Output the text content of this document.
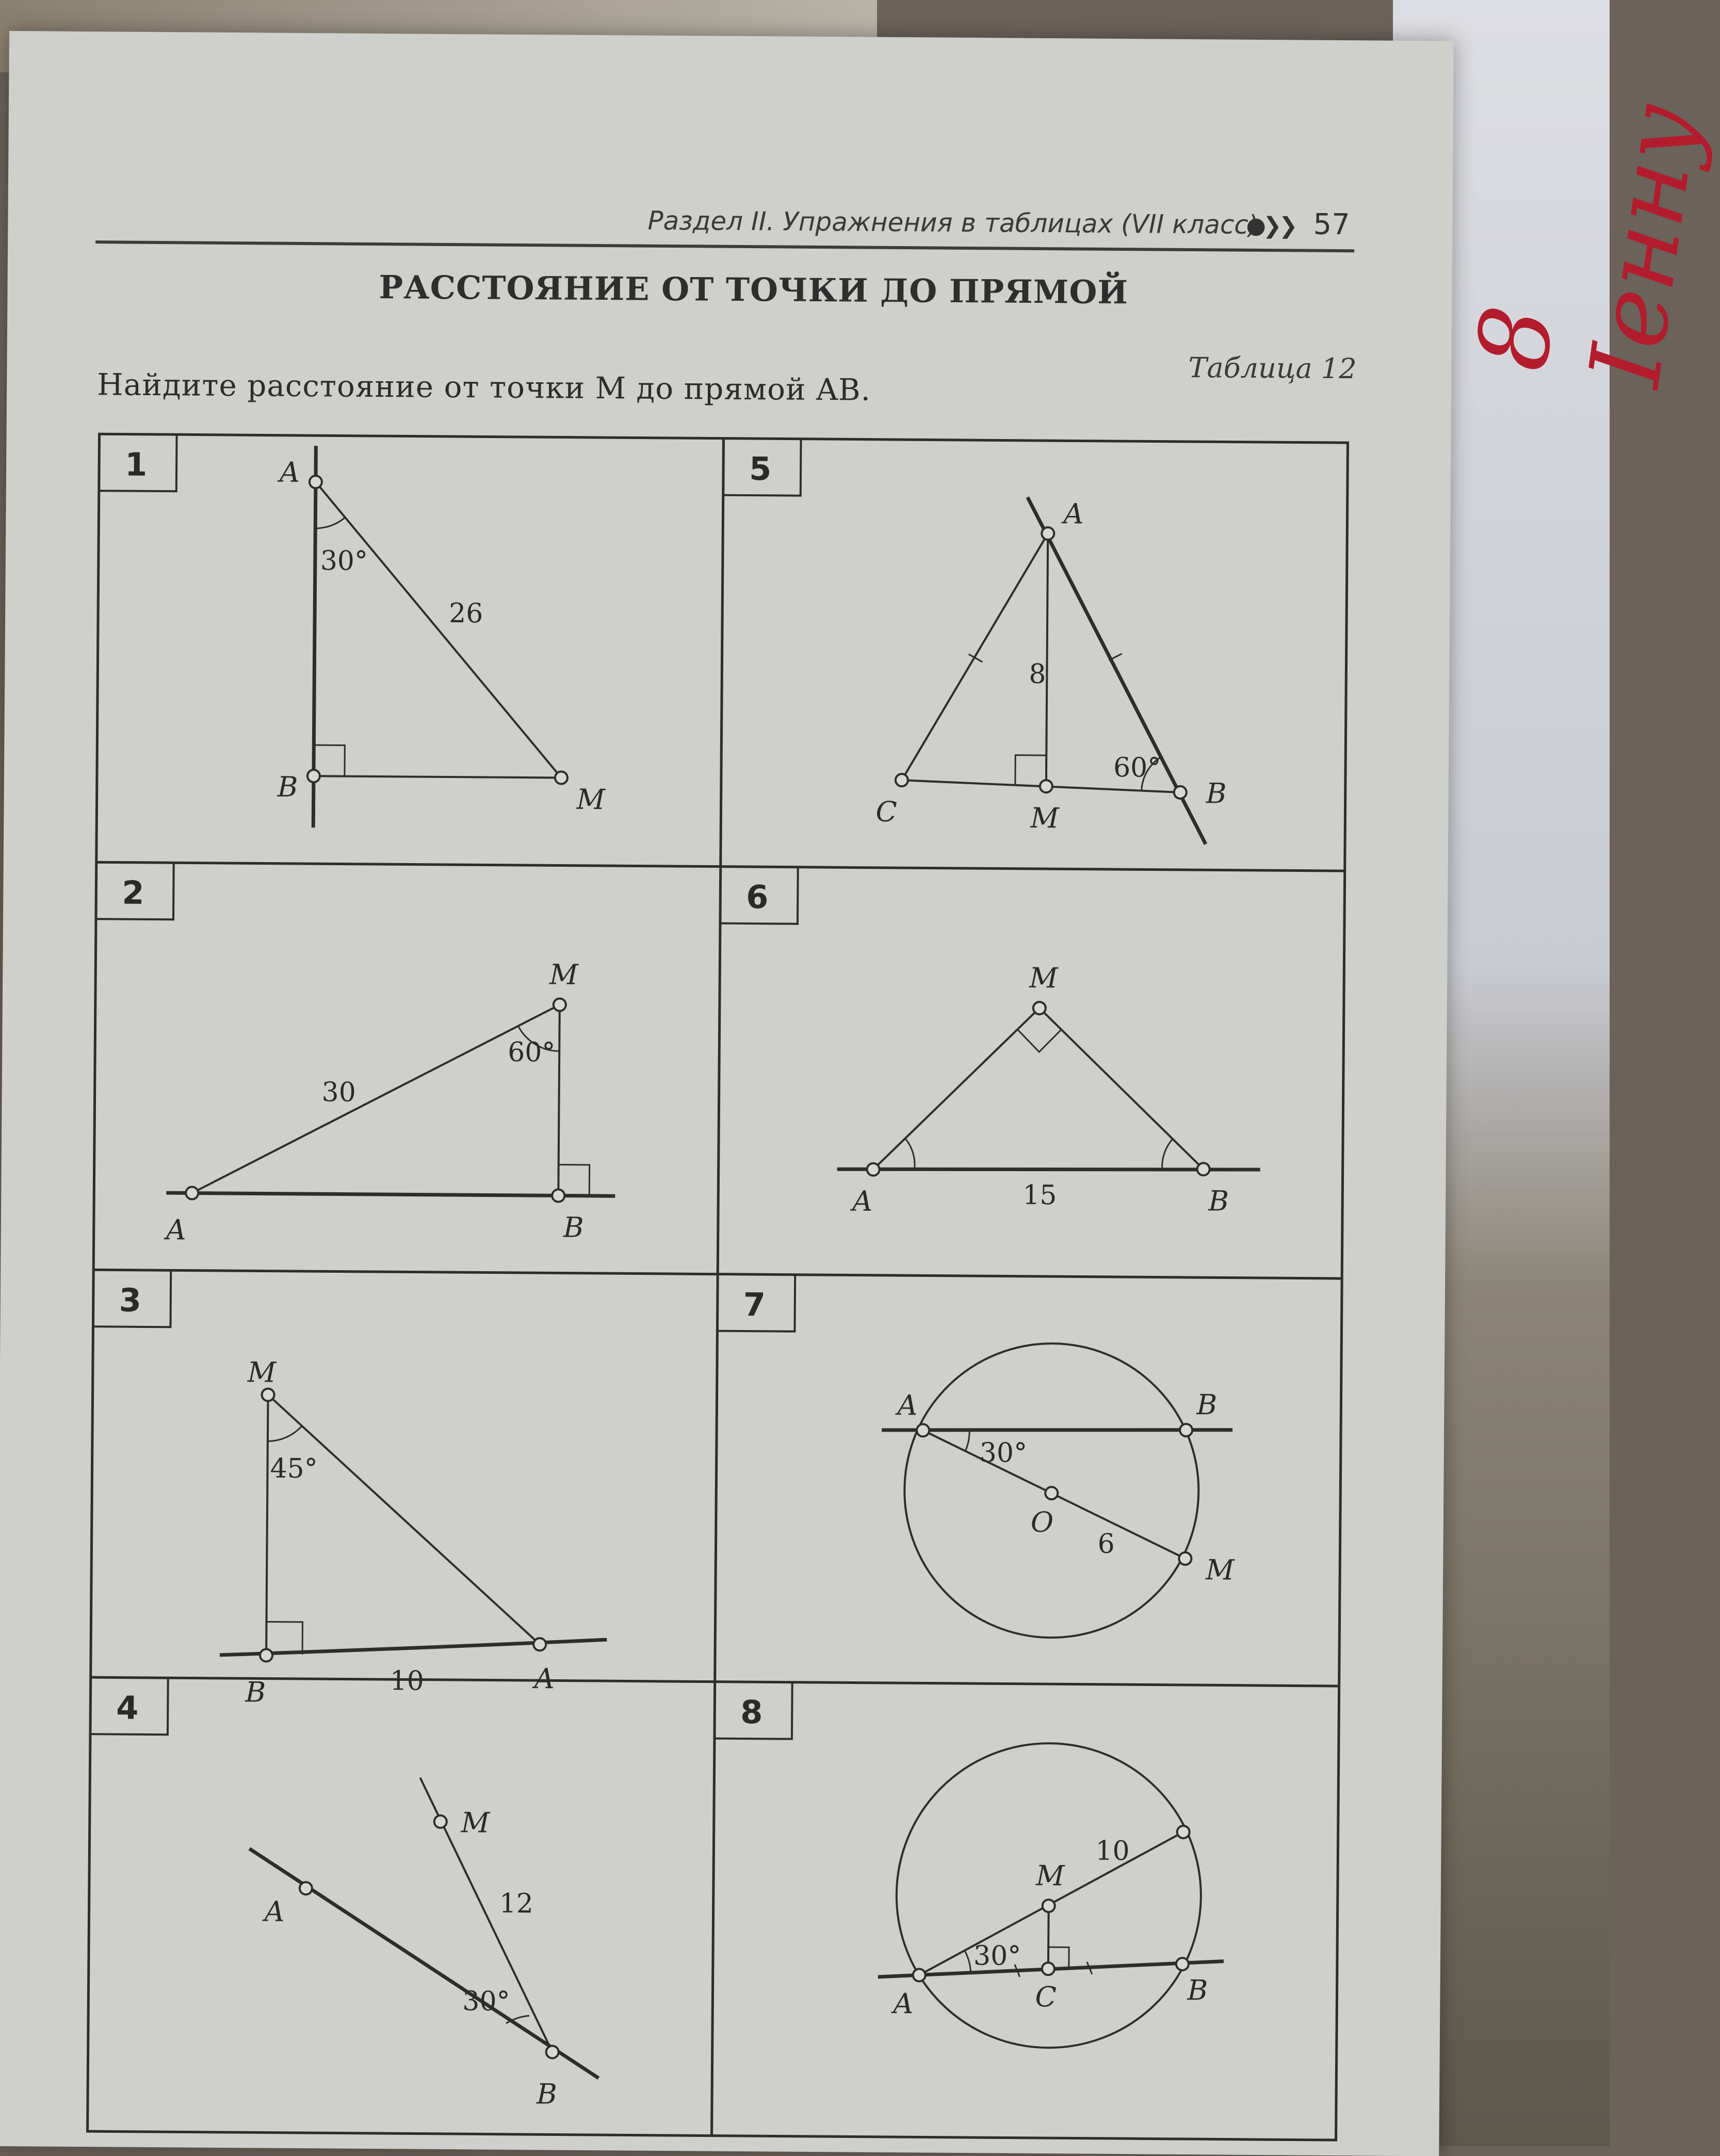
8 Іенну
Раздел II. Упражнения в таблицах (VII класс)
●❯❯ 57
РАССТОЯНИЕ ОТ ТОЧКИ ДО ПРЯМОЙ
Таблица 12
Найдите расстояние от точки M до прямой AB.
1
2
3
4
5
6
7
8
A
B	M
30°
26
A	B
M
60°
30
M
B	A
45°
10
A
M
B
12
30°
A
C	M
B
8
60°
M
A	B
15
A	B
O
M
30°
6
A	C	B
M
30°
10
